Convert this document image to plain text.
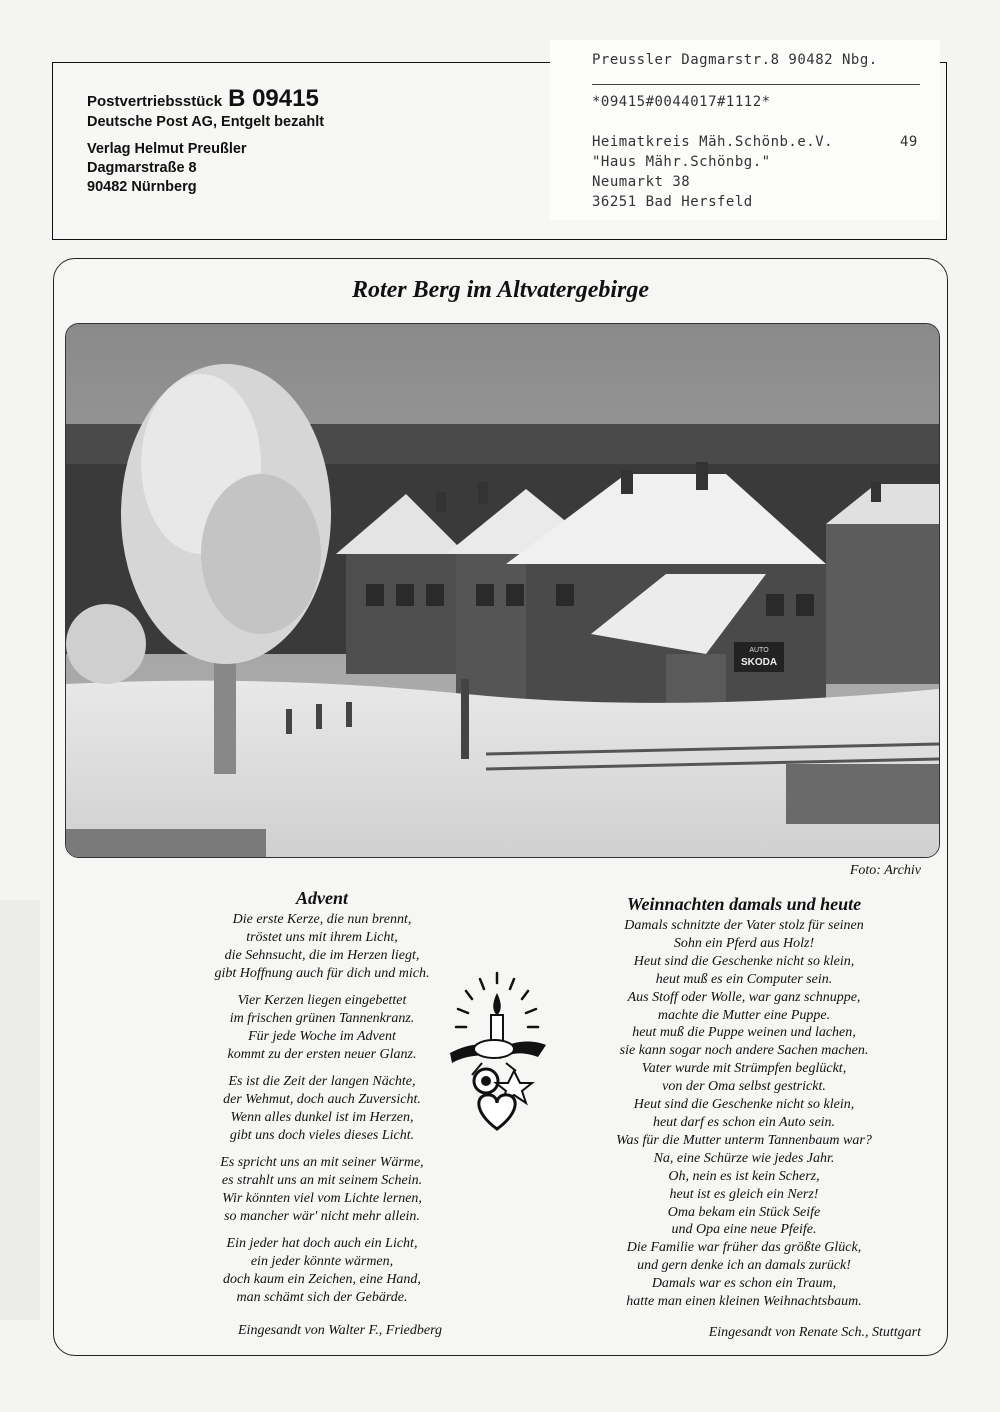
Postvertriebsstück B 09415
Deutsche Post AG, Entgelt bezahlt
Verlag Helmut Preußler
Dagmarstraße 8
90482 Nürnberg
Preussler Dagmarstr.8 90482 Nbg.
*09415#0044017#1112*
Heimatkreis Mäh.Schönb.e.V.	49
"Haus Mähr.Schönbg."
Neumarkt 38
36251 Bad Hersfeld
Roter Berg im Altvatergebirge
AUTO
SKODA
Foto: Archiv
Advent
Die erste Kerze, die nun brennt,
tröstet uns mit ihrem Licht,
die Sehnsucht, die im Herzen liegt,
gibt Hoffnung auch für dich und mich.
Vier Kerzen liegen eingebettet
im frischen grünen Tannenkranz.
Für jede Woche im Advent
kommt zu der ersten neuer Glanz.
Es ist die Zeit der langen Nächte,
der Wehmut, doch auch Zuversicht.
Wenn alles dunkel ist im Herzen,
gibt uns doch vieles dieses Licht.
Es spricht uns an mit seiner Wärme,
es strahlt uns an mit seinem Schein.
Wir könnten viel vom Lichte lernen,
so mancher wär' nicht mehr allein.
Ein jeder hat doch auch ein Licht,
ein jeder könnte wärmen,
doch kaum ein Zeichen, eine Hand,
man schämt sich der Gebärde.
Eingesandt von Walter F., Friedberg
Weinnachten damals und heute
Damals schnitzte der Vater stolz für seinen
Sohn ein Pferd aus Holz!
Heut sind die Geschenke nicht so klein,
heut muß es ein Computer sein.
Aus Stoff oder Wolle, war ganz schnuppe,
machte die Mutter eine Puppe.
heut muß die Puppe weinen und lachen,
sie kann sogar noch andere Sachen machen.
Vater wurde mit Strümpfen beglückt,
von der Oma selbst gestrickt.
Heut sind die Geschenke nicht so klein,
heut darf es schon ein Auto sein.
Was für die Mutter unterm Tannenbaum war?
Na, eine Schürze wie jedes Jahr.
Oh, nein es ist kein Scherz,
heut ist es gleich ein Nerz!
Oma bekam ein Stück Seife
und Opa eine neue Pfeife.
Die Familie war früher das größte Glück,
und gern denke ich an damals zurück!
Damals war es schon ein Traum,
hatte man einen kleinen Weihnachtsbaum.
Eingesandt von Renate Sch., Stuttgart
